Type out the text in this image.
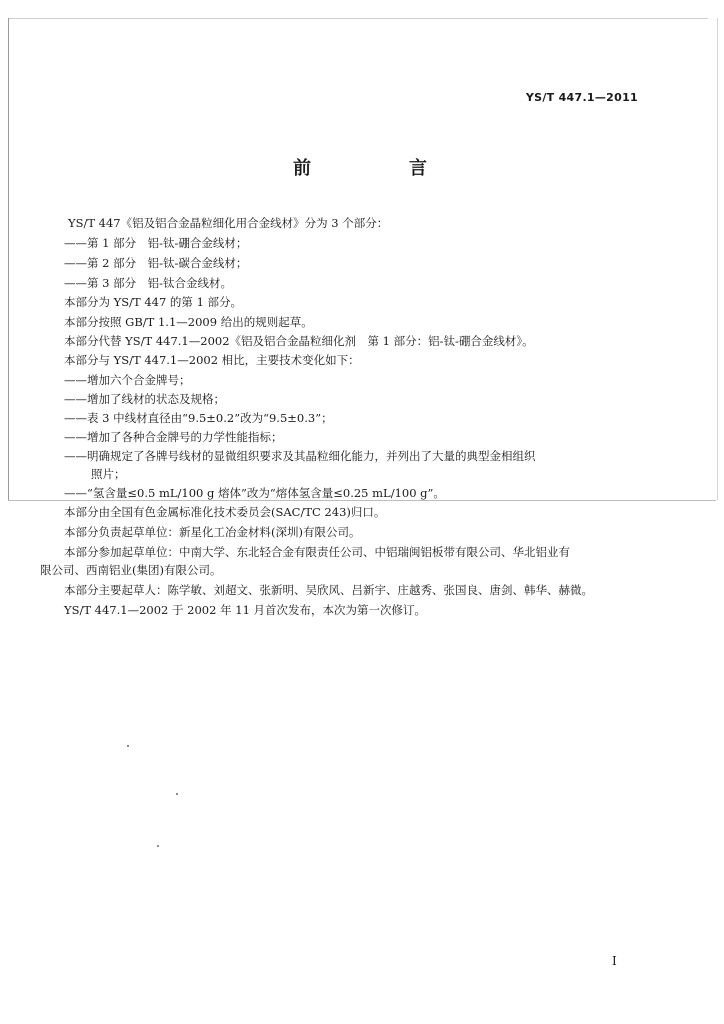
YS/T 447.1—2011
前　言
YS/T 447《铝及铝合金晶粒细化用合金线材》分为 3 个部分：
——第 1 部分　铝-钛-硼合金线材；
——第 2 部分　铝-钛-碳合金线材；
——第 3 部分　铝-钛合金线材。
本部分为 YS/T 447 的第 1 部分。
本部分按照 GB/T 1.1—2009 给出的规则起草。
本部分代替 YS/T 447.1—2002《铝及铝合金晶粒细化剂　第 1 部分：铝-钛-硼合金线材》。
本部分与 YS/T 447.1—2002 相比，主要技术变化如下：
——增加六个合金牌号；
——增加了线材的状态及规格；
——表 3 中线材直径由“9.5±0.2”改为“9.5±0.3”；
——增加了各种合金牌号的力学性能指标；
——明确规定了各牌号线材的显微组织要求及其晶粒细化能力，并列出了大量的典型金相组织
照片；
——“氢含量≤0.5 mL/100 g 熔体”改为“熔体氢含量≤0.25 mL/100 g”。
本部分由全国有色金属标准化技术委员会(SAC/TC 243)归口。
本部分负责起草单位：新星化工冶金材料(深圳)有限公司。
本部分参加起草单位：中南大学、东北轻合金有限责任公司、中铝瑞闽铝板带有限公司、华北铝业有
限公司、西南铝业(集团)有限公司。
本部分主要起草人：陈学敏、刘超文、张新明、吴欣风、吕新宇、庄越秀、张国良、唐剑、韩华、赫微。
YS/T 447.1—2002 于 2002 年 11 月首次发布，本次为第一次修订。
I
